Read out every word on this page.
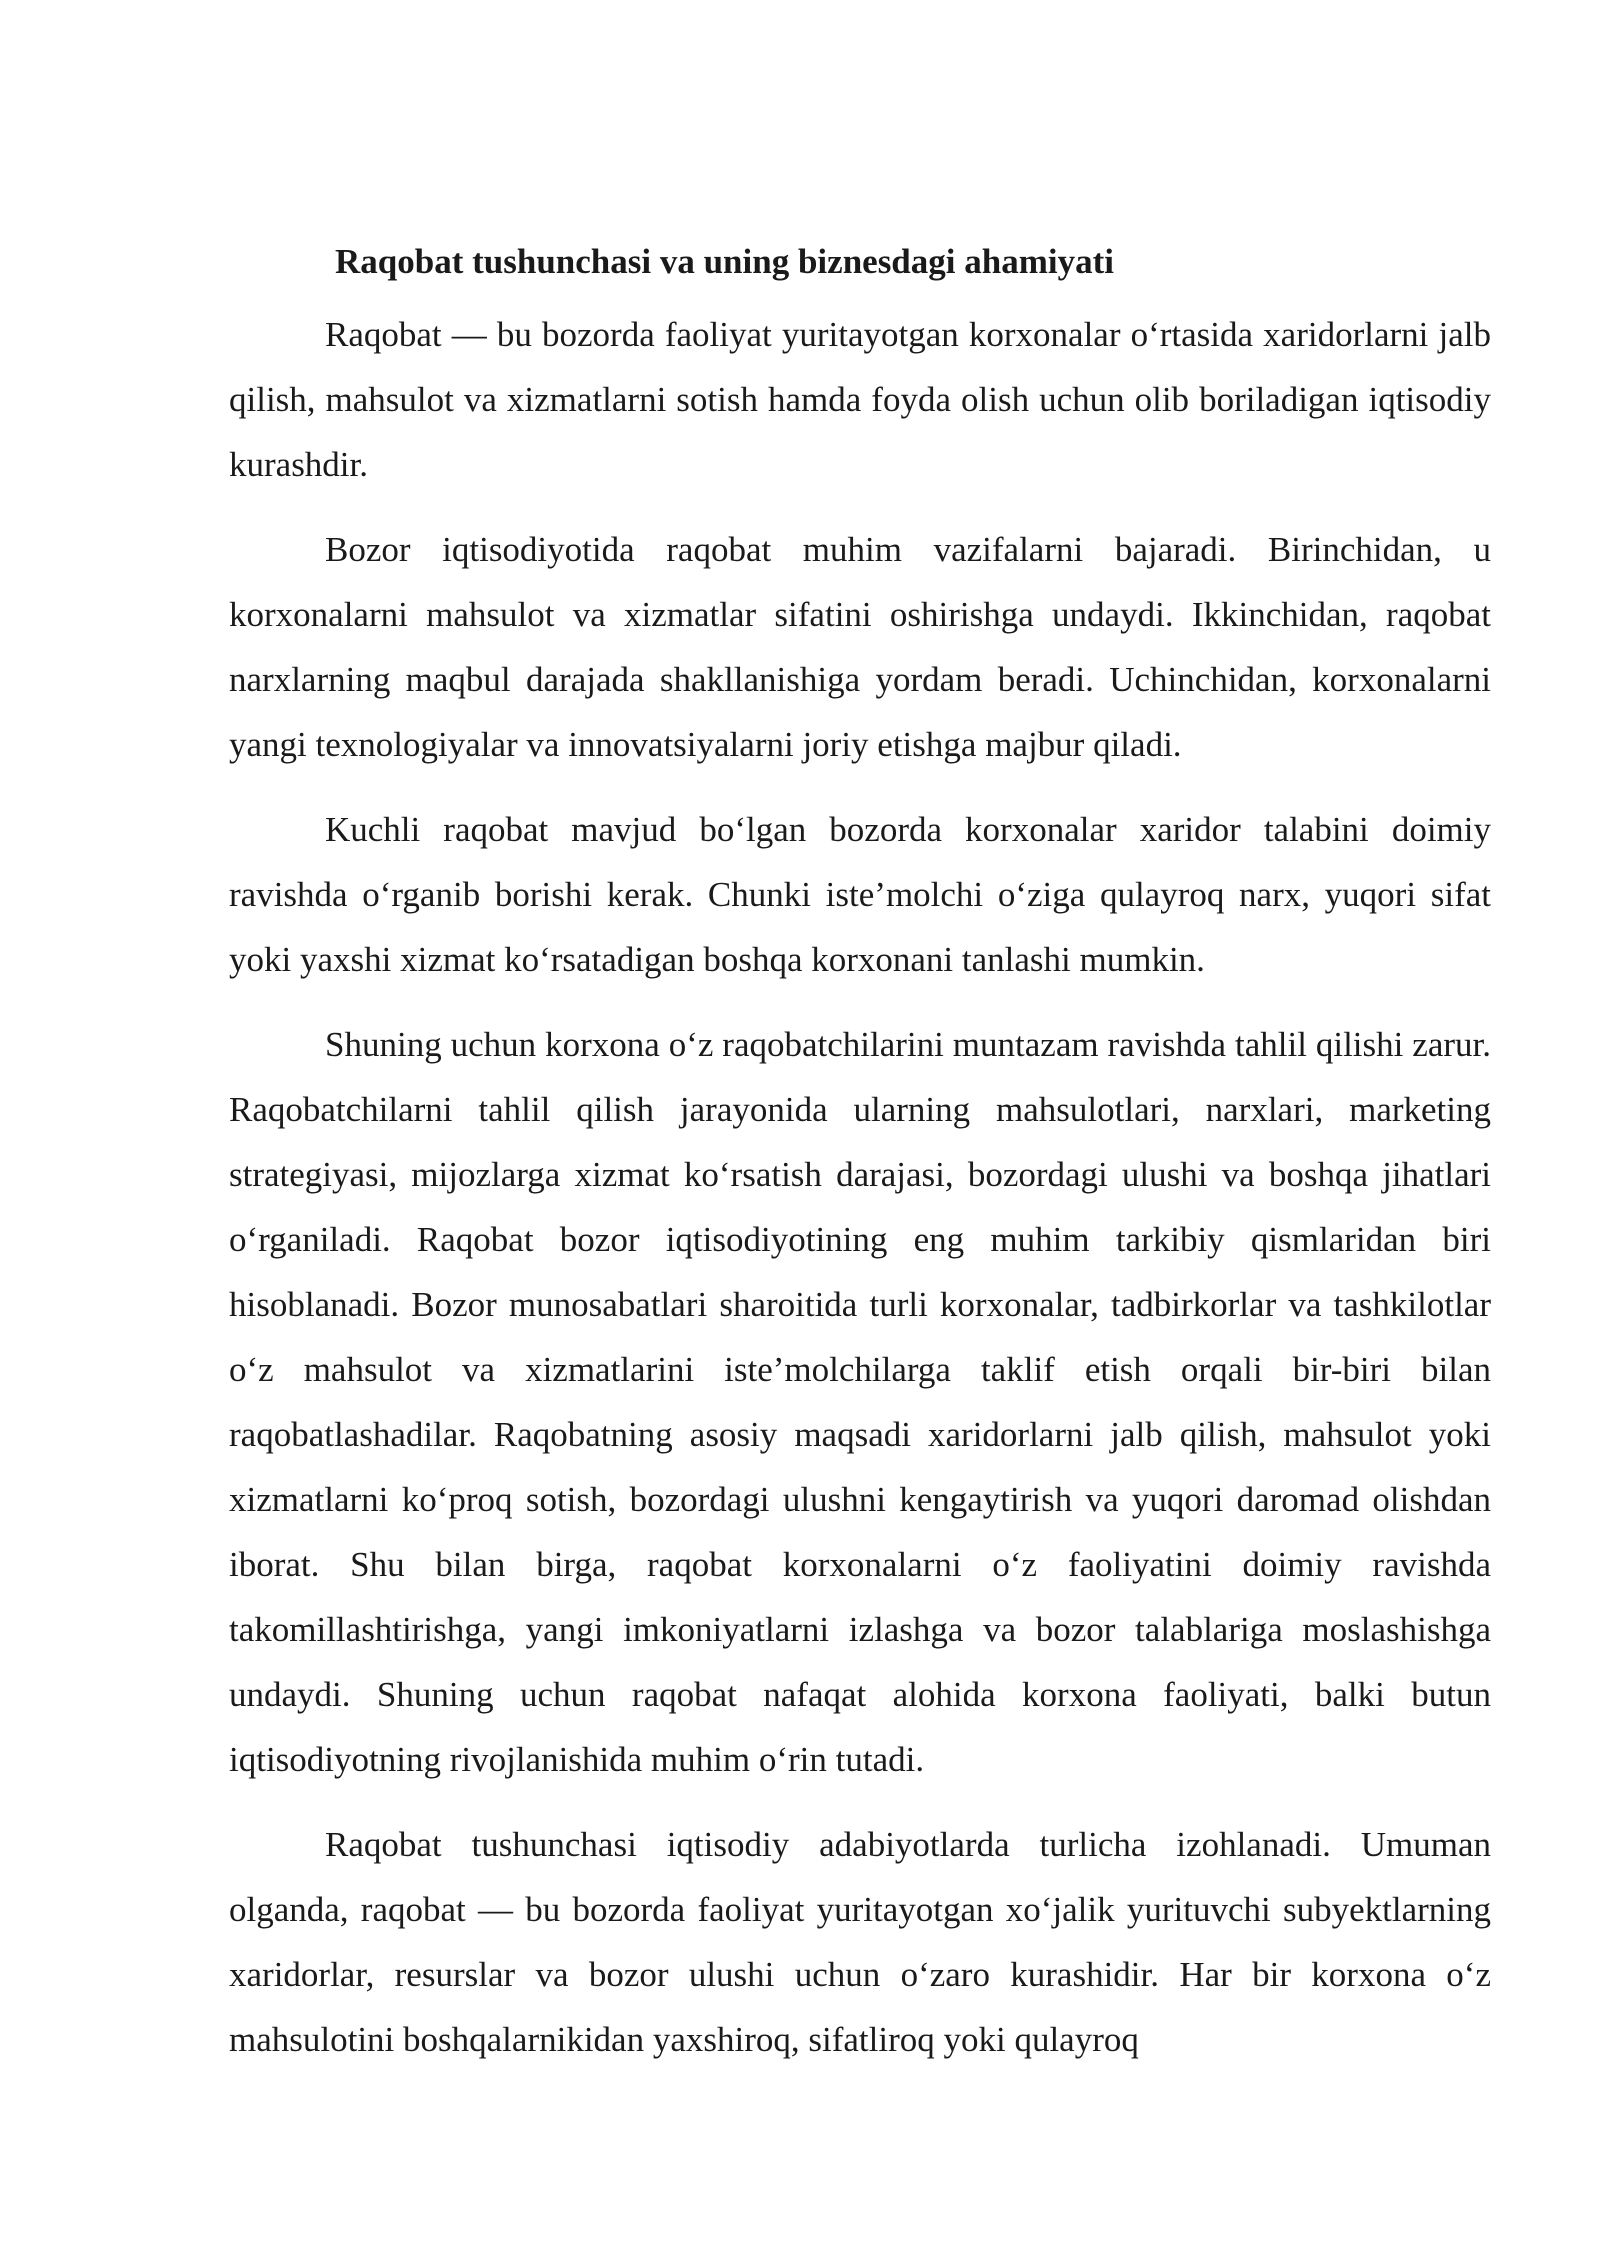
Raqobat tushunchasi va uning biznesdagi ahamiyati

Raqobat — bu bozorda faoliyat yuritayotgan korxonalar oʻrtasida xaridorlarni jalb qilish, mahsulot va xizmatlarni sotish hamda foyda olish uchun olib boriladigan iqtisodiy kurashdir.

Bozor iqtisodiyotida raqobat muhim vazifalarni bajaradi. Birinchidan, u korxonalarni mahsulot va xizmatlar sifatini oshirishga undaydi. Ikkinchidan, raqobat narxlarning maqbul darajada shakllanishiga yordam beradi. Uchinchidan, korxonalarni yangi texnologiyalar va innovatsiyalarni joriy etishga majbur qiladi.

Kuchli raqobat mavjud boʻlgan bozorda korxonalar xaridor talabini doimiy ravishda oʻrganib borishi kerak. Chunki iste’molchi oʻziga qulayroq narx, yuqori sifat yoki yaxshi xizmat koʻrsatadigan boshqa korxonani tanlashi mumkin.

Shuning uchun korxona oʻz raqobatchilarini muntazam ravishda tahlil qilishi zarur. Raqobatchilarni tahlil qilish jarayonida ularning mahsulotlari, narxlari, marketing strategiyasi, mijozlarga xizmat koʻrsatish darajasi, bozordagi ulushi va boshqa jihatlari oʻrganiladi. Raqobat bozor iqtisodiyotining eng muhim tarkibiy qismlaridan biri hisoblanadi. Bozor munosabatlari sharoitida turli korxonalar, tadbirkorlar va tashkilotlar oʻz mahsulot va xizmatlarini iste’molchilarga taklif etish orqali bir-biri bilan raqobatlashadilar. Raqobatning asosiy maqsadi xaridorlarni jalb qilish, mahsulot yoki xizmatlarni koʻproq sotish, bozordagi ulushni kengaytirish va yuqori daromad olishdan iborat. Shu bilan birga, raqobat korxonalarni oʻz faoliyatini doimiy ravishda takomillashtirishga, yangi imkoniyatlarni izlashga va bozor talablariga moslashishga undaydi. Shuning uchun raqobat nafaqat alohida korxona faoliyati, balki butun iqtisodiyotning rivojlanishida muhim oʻrin tutadi.

Raqobat tushunchasi iqtisodiy adabiyotlarda turlicha izohlanadi. Umuman olganda, raqobat — bu bozorda faoliyat yuritayotgan xoʻjalik yurituvchi subyektlarning xaridorlar, resurslar va bozor ulushi uchun oʻzaro kurashidir. Har bir korxona oʻz mahsulotini boshqalarnikidan yaxshiroq, sifatliroq yoki qulayroq
